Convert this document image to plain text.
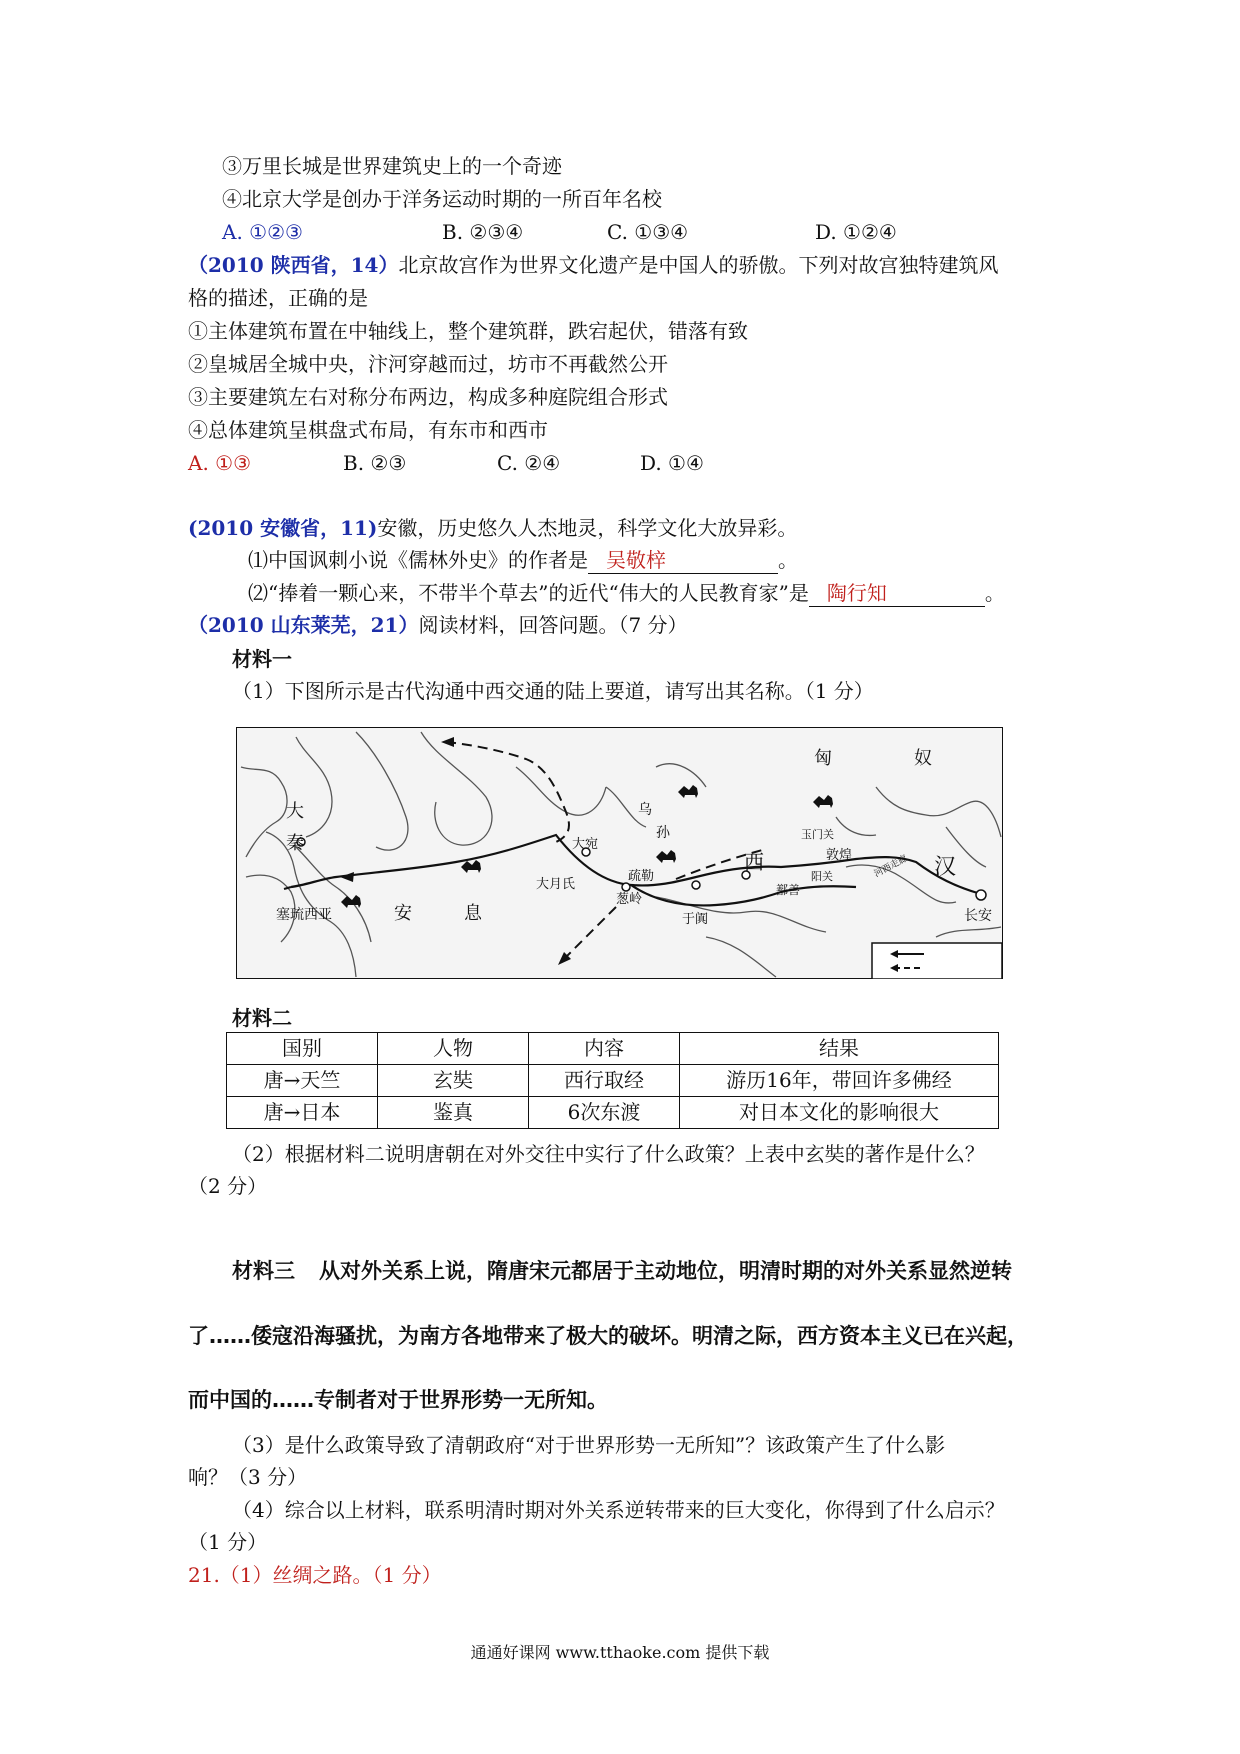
③万里长城是世界建筑史上的一个奇迹
④北京大学是创办于洋务运动时期的一所百年名校
A. ①②③	B. ②③④	C. ①③④	D. ①②④
（2010 陕西省，14）北京故宫作为世界文化遗产是中国人的骄傲。下列对故宫独特建筑风
格的描述，正确的是
①主体建筑布置在中轴线上，整个建筑群，跌宕起伏，错落有致
②皇城居全城中央，汴河穿越而过，坊市不再截然公开
③主要建筑左右对称分布两边，构成多种庭院组合形式
④总体建筑呈棋盘式布局，有东市和西市
A. ①③	B. ②③	C. ②④	D. ①④
(2010 安徽省，11)安徽，历史悠久人杰地灵，科学文化大放异彩。
⑴中国讽刺小说《儒林外史》的作者是 吴敬梓	。
⑵“捧着一颗心来，不带半个草去”的近代“伟大的人民教育家”是 陶行知	。
（2010 山东莱芜，21）阅读材料，回答问题。（7 分）
材料一
（1）下图所示是古代沟通中西交通的陆上要道，请写出其名称。（1 分）
匈	奴
大
秦
塞琉西亚	安	息
大宛
乌
孙
疏勒
大月氏
葱岭
于阗
西
玉门关
阳关
敦煌
鄯善
河西走廊 汉
长安
材料二
国别	人物	内容	结果
唐→天竺	玄奘	西行取经	游历16年，带回许多佛经
唐→日本	鉴真	6次东渡	对日本文化的影响很大
（2）根据材料二说明唐朝在对外交往中实行了什么政策？上表中玄奘的著作是什么？
（2 分）
材料三 从对外关系上说，隋唐宋元都居于主动地位，明清时期的对外关系显然逆转
了……倭寇沿海骚扰，为南方各地带来了极大的破坏。明清之际，西方资本主义已在兴起，
而中国的……专制者对于世界形势一无所知。
（3）是什么政策导致了清朝政府“对于世界形势一无所知”？该政策产生了什么影
响？（3 分）
（4）综合以上材料，联系明清时期对外关系逆转带来的巨大变化，你得到了什么启示？
（1 分）
21.（1）丝绸之路。（1 分）
通通好课网 www.tthaoke.com 提供下载
